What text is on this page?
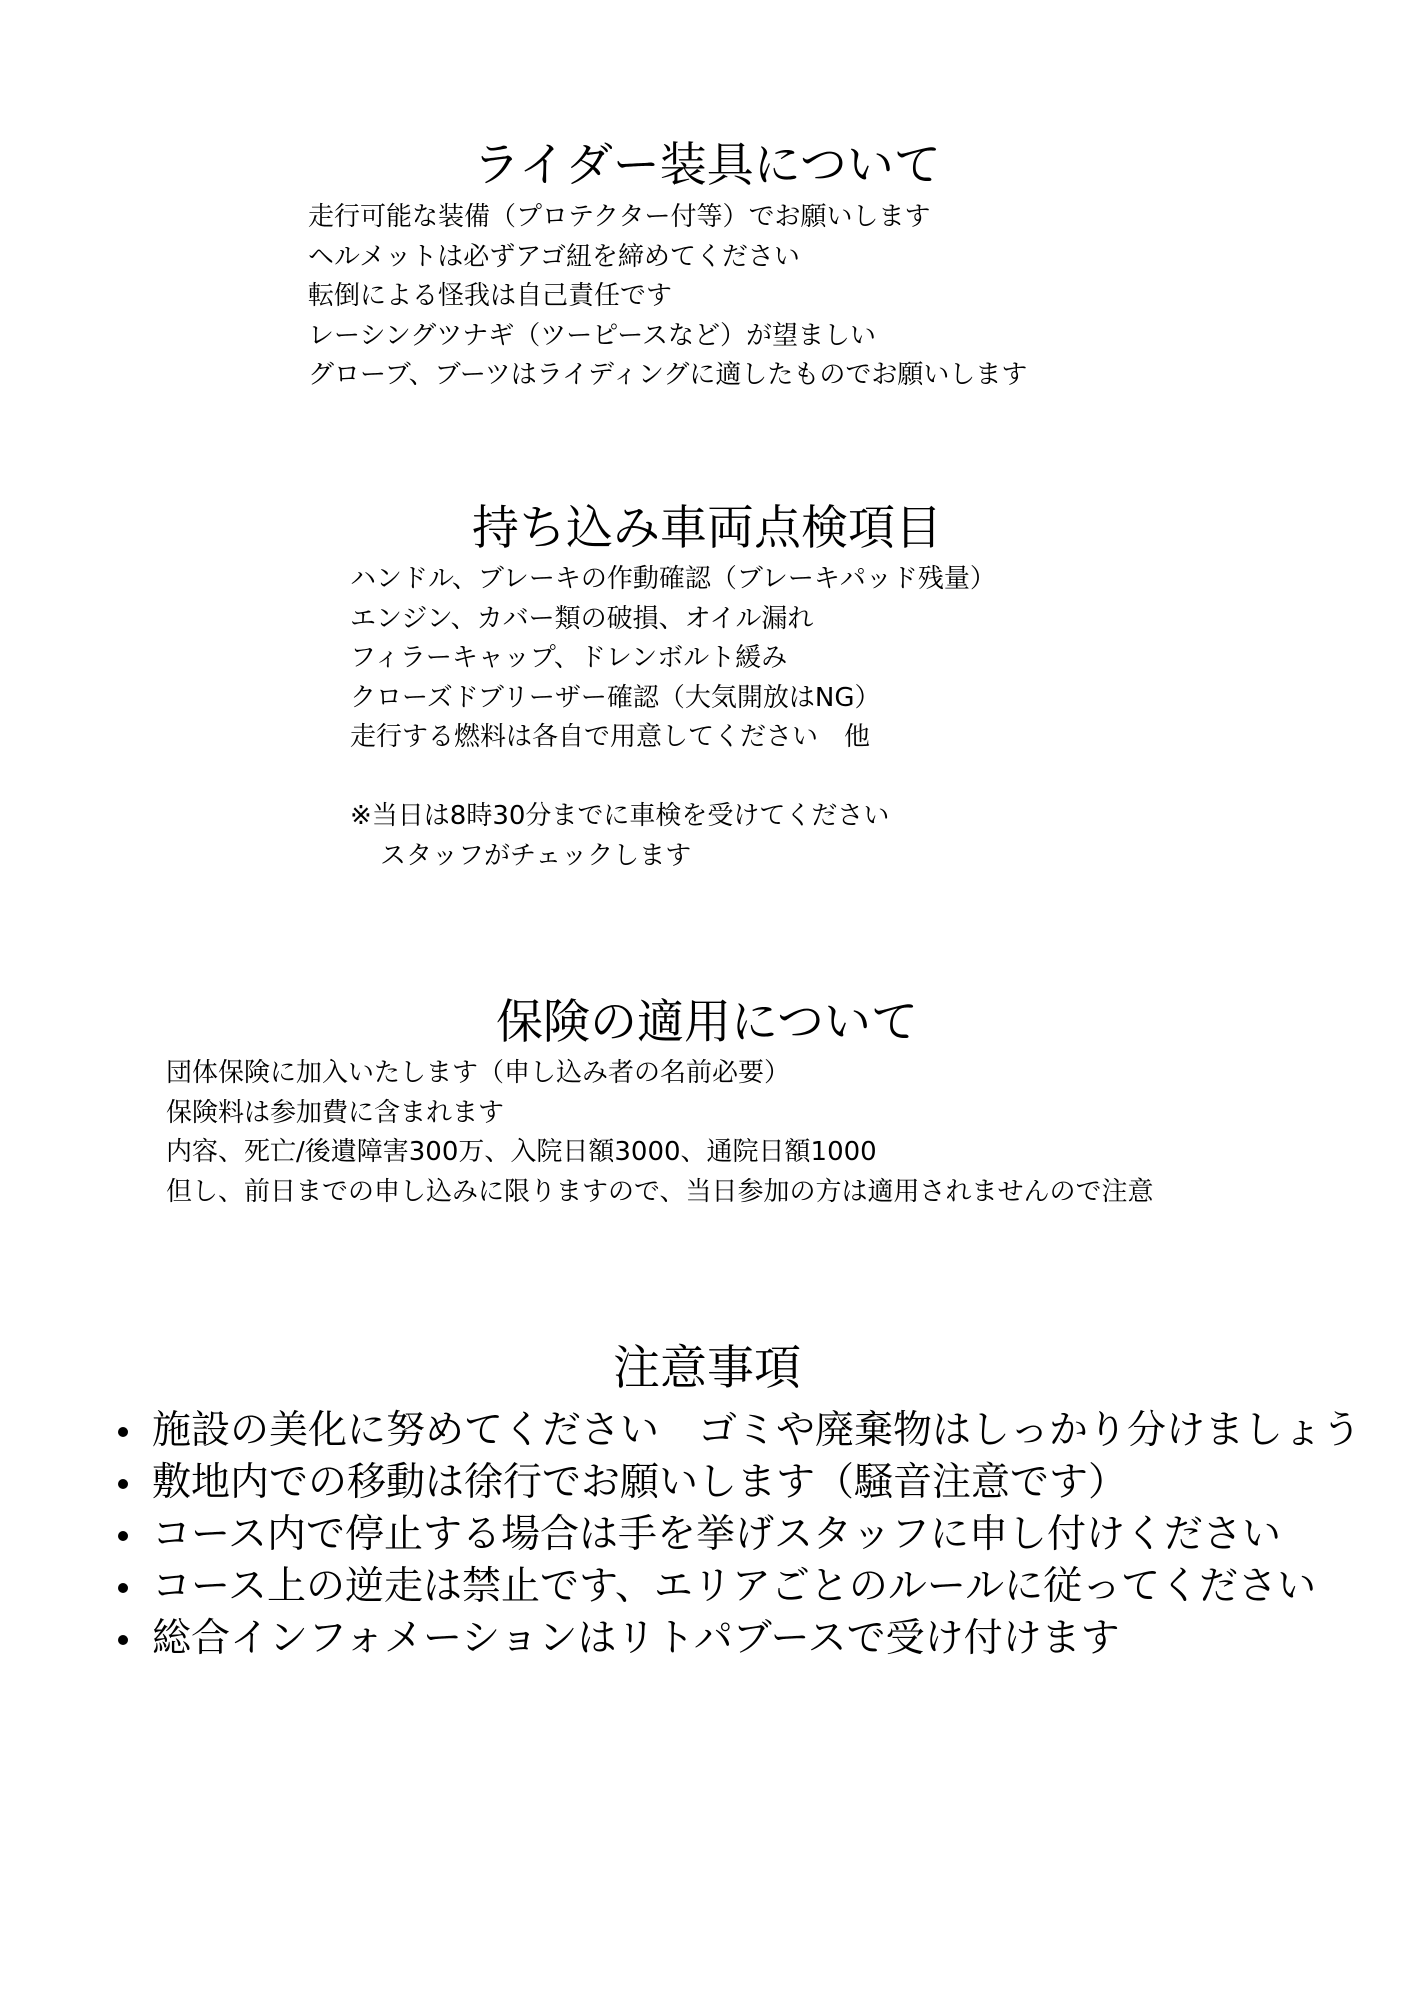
ライダー装具について
走行可能な装備（プロテクター付等）でお願いします
ヘルメットは必ずアゴ紐を締めてください
転倒による怪我は自己責任です
レーシングツナギ（ツーピースなど）が望ましい
グローブ、ブーツはライディングに適したものでお願いします
持ち込み車両点検項目
ハンドル、ブレーキの作動確認（ブレーキパッド残量）
エンジン、カバー類の破損、オイル漏れ
フィラーキャップ、ドレンボルト緩み
クローズドブリーザー確認（大気開放はNG）
走行する燃料は各自で用意してください　他
※当日は8時30分までに車検を受けてください
スタッフがチェックします
保険の適用について
団体保険に加入いたします（申し込み者の名前必要）
保険料は参加費に含まれます
内容、死亡/後遺障害300万、入院日額3000、通院日額1000
但し、前日までの申し込みに限りますので、当日参加の方は適用されませんので注意
注意事項
施設の美化に努めてください　ゴミや廃棄物はしっかり分けましょう
敷地内での移動は徐行でお願いします（騒音注意です）
コース内で停止する場合は手を挙げスタッフに申し付けください
コース上の逆走は禁止です、エリアごとのルールに従ってください
総合インフォメーションはリトパブースで受け付けます
